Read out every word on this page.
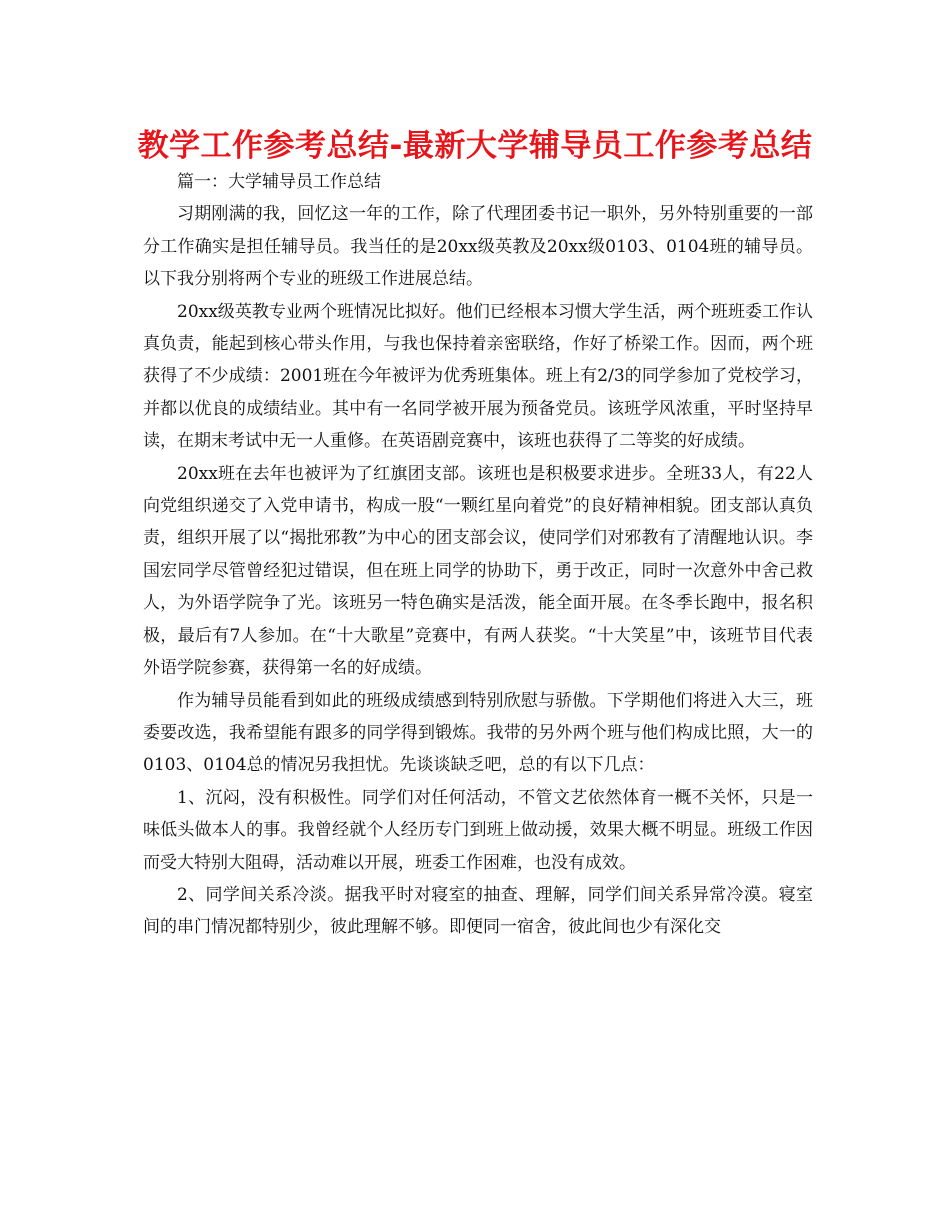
教学工作参考总结-最新大学辅导员工作参考总结

篇一：大学辅导员工作总结

习期刚满的我，回忆这一年的工作，除了代理团委书记一职外，另外特别重要的一部分工作确实是担任辅导员。我当任的是20xx级英教及20xx级0103、0104班的辅导员。以下我分别将两个专业的班级工作进展总结。

20xx级英教专业两个班情况比拟好。他们已经根本习惯大学生活，两个班班委工作认真负责，能起到核心带头作用，与我也保持着亲密联络，作好了桥梁工作。因而，两个班获得了不少成绩：2001班在今年被评为优秀班集体。班上有2/3的同学参加了党校学习，并都以优良的成绩结业。其中有一名同学被开展为预备党员。该班学风浓重，平时坚持早读，在期末考试中无一人重修。在英语剧竞赛中，该班也获得了二等奖的好成绩。

20xx班在去年也被评为了红旗团支部。该班也是积极要求进步。全班33人，有22人向党组织递交了入党申请书，构成一股“一颗红星向着党”的良好精神相貌。团支部认真负责，组织开展了以“揭批邪教”为中心的团支部会议，使同学们对邪教有了清醒地认识。李国宏同学尽管曾经犯过错误，但在班上同学的协助下，勇于改正，同时一次意外中舍己救人，为外语学院争了光。该班另一特色确实是活泼，能全面开展。在冬季长跑中，报名积极，最后有7人参加。在“十大歌星”竞赛中，有两人获奖。“十大笑星”中，该班节目代表外语学院参赛，获得第一名的好成绩。

作为辅导员能看到如此的班级成绩感到特别欣慰与骄傲。下学期他们将进入大三，班委要改选，我希望能有跟多的同学得到锻炼。我带的另外两个班与他们构成比照，大一的0103、0104总的情况另我担忧。先谈谈缺乏吧，总的有以下几点：

1、沉闷，没有积极性。同学们对任何活动，不管文艺依然体育一概不关怀，只是一味低头做本人的事。我曾经就个人经历专门到班上做动援，效果大概不明显。班级工作因而受大特别大阻碍，活动难以开展，班委工作困难，也没有成效。

2、同学间关系冷淡。据我平时对寝室的抽查、理解，同学们间关系异常冷漠。寝室间的串门情况都特别少，彼此理解不够。即便同一宿舍，彼此间也少有深化交
